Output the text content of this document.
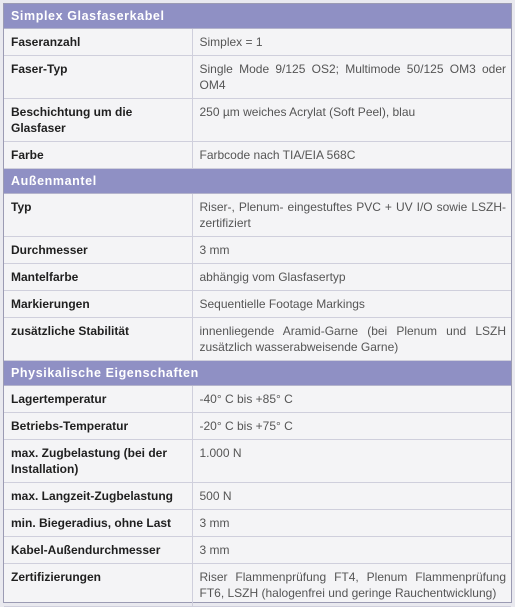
Simplex Glasfaserkabel	
Faseranzahl	Simplex = 1
Faser-Typ	Single Mode 9/125 OS2; Multimode 50/125 OM3 oder OM4
Beschichtung um die Glasfaser	250 µm weiches Acrylat (Soft Peel), blau
Farbe	Farbcode nach TIA/EIA 568C
Außenmantel	
Typ	Riser-, Plenum- eingestuftes PVC + UV I/O sowie LSZH-zertifiziert
Durchmesser	3 mm
Mantelfarbe	abhängig vom Glasfasertyp
Markierungen	Sequentielle Footage Markings
zusätzliche Stabilität	innenliegende Aramid-Garne (bei Plenum und LSZH zusätzlich wasserabweisende Garne)
Physikalische Eigenschaften	
Lagertemperatur	-40° C bis +85° C
Betriebs-Temperatur	-20° C bis +75° C
max. Zugbelastung (bei der Installation)	1.000 N
max. Langzeit-Zugbelastung	500 N
min. Biegeradius, ohne Last	3 mm
Kabel-Außendurchmesser	3 mm
Zertifizierungen	Riser Flammenprüfung FT4, Plenum Flammenprüfung FT6, LSZH (halogenfrei und geringe Rauchentwicklung)
